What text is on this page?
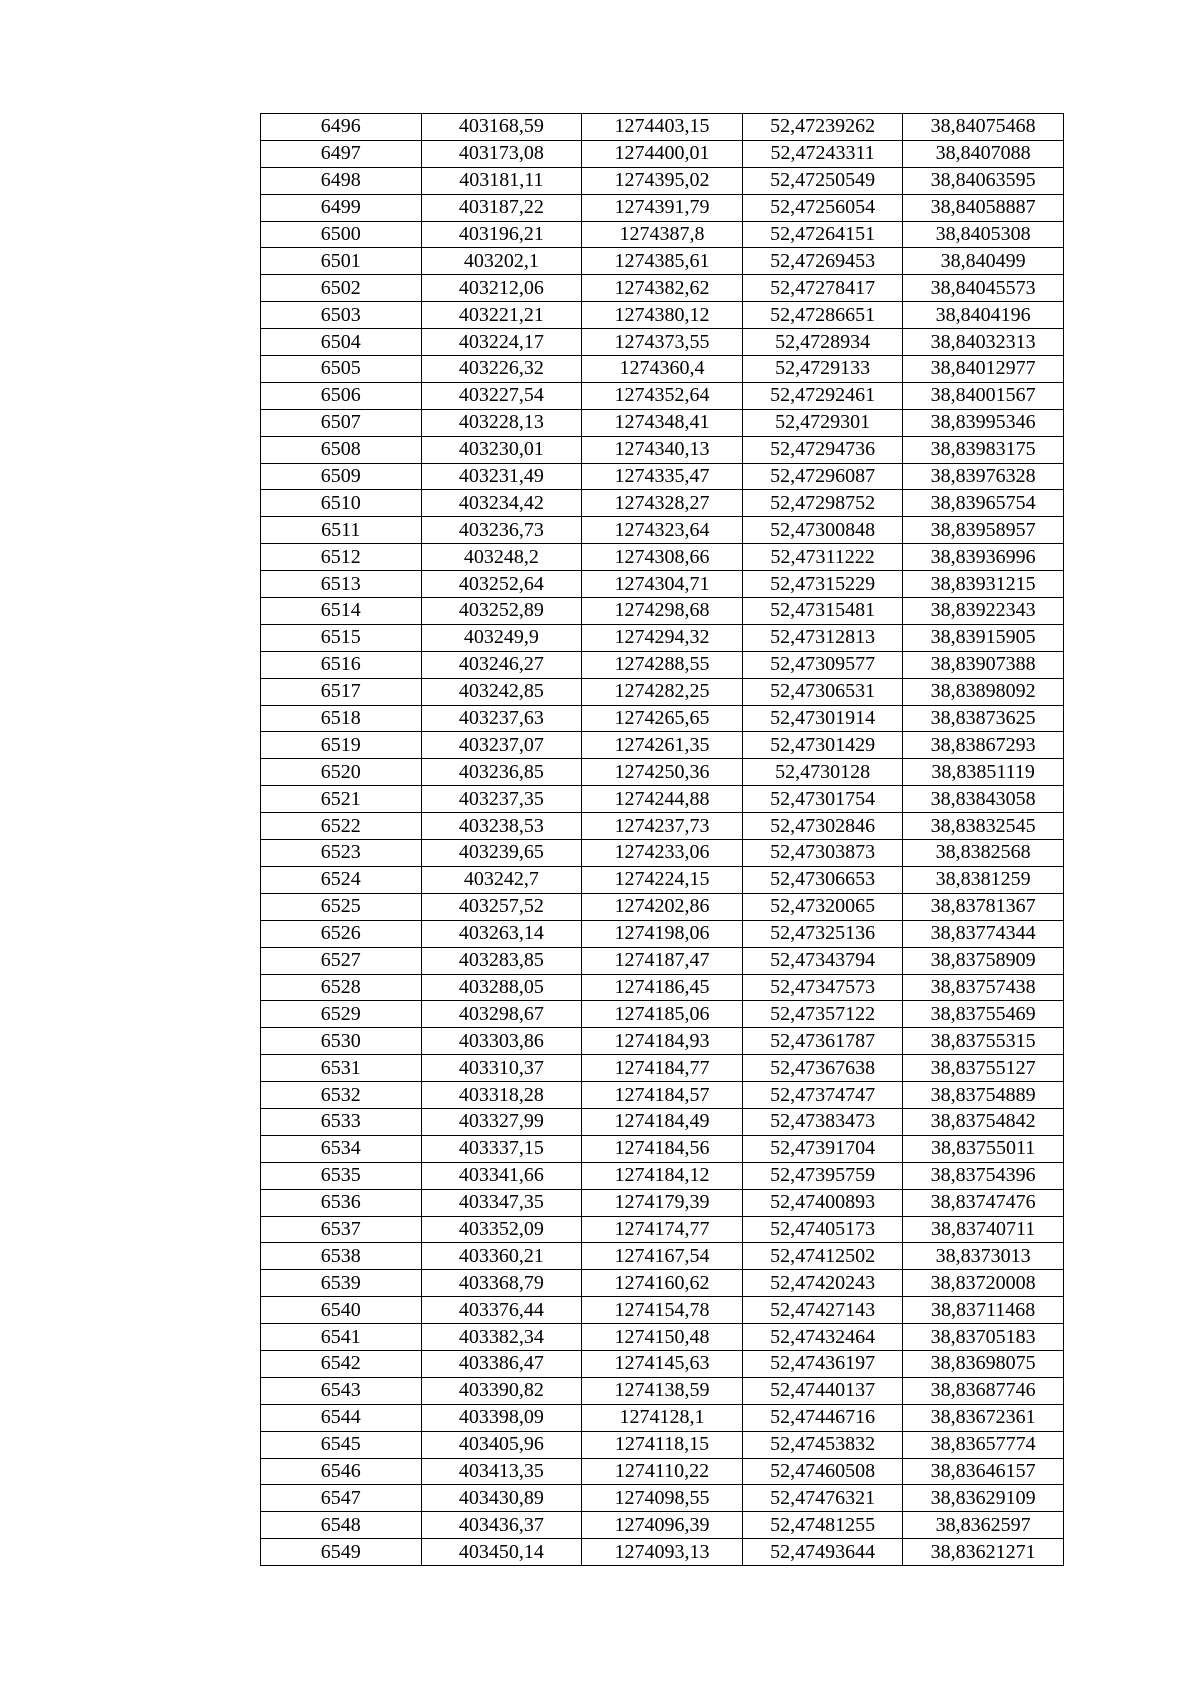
6496	403168,59	1274403,15	52,47239262	38,84075468
6497	403173,08	1274400,01	52,47243311	38,8407088
6498	403181,11	1274395,02	52,47250549	38,84063595
6499	403187,22	1274391,79	52,47256054	38,84058887
6500	403196,21	1274387,8	52,47264151	38,8405308
6501	403202,1	1274385,61	52,47269453	38,840499
6502	403212,06	1274382,62	52,47278417	38,84045573
6503	403221,21	1274380,12	52,47286651	38,8404196
6504	403224,17	1274373,55	52,4728934	38,84032313
6505	403226,32	1274360,4	52,4729133	38,84012977
6506	403227,54	1274352,64	52,47292461	38,84001567
6507	403228,13	1274348,41	52,4729301	38,83995346
6508	403230,01	1274340,13	52,47294736	38,83983175
6509	403231,49	1274335,47	52,47296087	38,83976328
6510	403234,42	1274328,27	52,47298752	38,83965754
6511	403236,73	1274323,64	52,47300848	38,83958957
6512	403248,2	1274308,66	52,47311222	38,83936996
6513	403252,64	1274304,71	52,47315229	38,83931215
6514	403252,89	1274298,68	52,47315481	38,83922343
6515	403249,9	1274294,32	52,47312813	38,83915905
6516	403246,27	1274288,55	52,47309577	38,83907388
6517	403242,85	1274282,25	52,47306531	38,83898092
6518	403237,63	1274265,65	52,47301914	38,83873625
6519	403237,07	1274261,35	52,47301429	38,83867293
6520	403236,85	1274250,36	52,4730128	38,83851119
6521	403237,35	1274244,88	52,47301754	38,83843058
6522	403238,53	1274237,73	52,47302846	38,83832545
6523	403239,65	1274233,06	52,47303873	38,8382568
6524	403242,7	1274224,15	52,47306653	38,8381259
6525	403257,52	1274202,86	52,47320065	38,83781367
6526	403263,14	1274198,06	52,47325136	38,83774344
6527	403283,85	1274187,47	52,47343794	38,83758909
6528	403288,05	1274186,45	52,47347573	38,83757438
6529	403298,67	1274185,06	52,47357122	38,83755469
6530	403303,86	1274184,93	52,47361787	38,83755315
6531	403310,37	1274184,77	52,47367638	38,83755127
6532	403318,28	1274184,57	52,47374747	38,83754889
6533	403327,99	1274184,49	52,47383473	38,83754842
6534	403337,15	1274184,56	52,47391704	38,83755011
6535	403341,66	1274184,12	52,47395759	38,83754396
6536	403347,35	1274179,39	52,47400893	38,83747476
6537	403352,09	1274174,77	52,47405173	38,83740711
6538	403360,21	1274167,54	52,47412502	38,8373013
6539	403368,79	1274160,62	52,47420243	38,83720008
6540	403376,44	1274154,78	52,47427143	38,83711468
6541	403382,34	1274150,48	52,47432464	38,83705183
6542	403386,47	1274145,63	52,47436197	38,83698075
6543	403390,82	1274138,59	52,47440137	38,83687746
6544	403398,09	1274128,1	52,47446716	38,83672361
6545	403405,96	1274118,15	52,47453832	38,83657774
6546	403413,35	1274110,22	52,47460508	38,83646157
6547	403430,89	1274098,55	52,47476321	38,83629109
6548	403436,37	1274096,39	52,47481255	38,8362597
6549	403450,14	1274093,13	52,47493644	38,83621271
